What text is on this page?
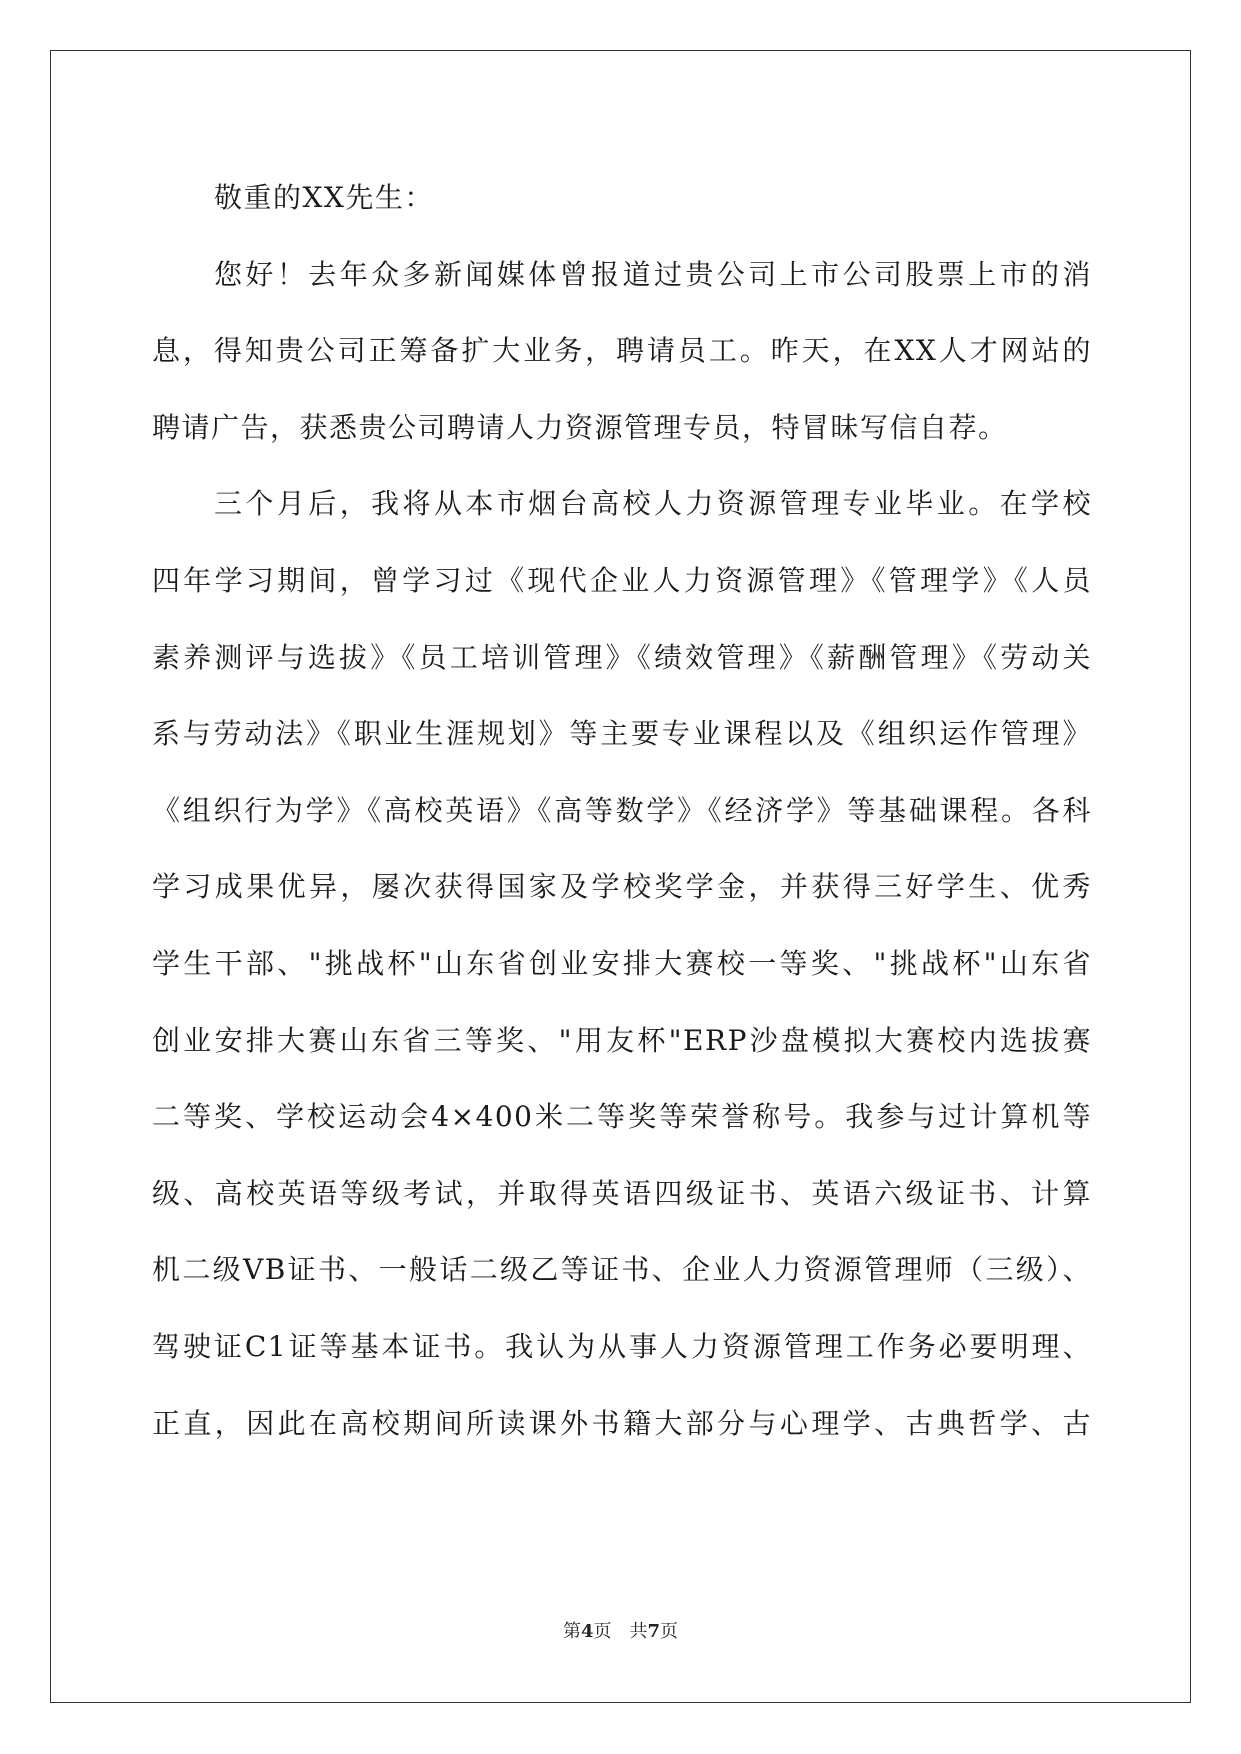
敬重的XX先生：
您好！去年众多新闻媒体曾报道过贵公司上市公司股票上市的消
息，得知贵公司正筹备扩大业务，聘请员工。昨天，在XX人才网站的
聘请广告，获悉贵公司聘请人力资源管理专员，特冒昧写信自荐。
三个月后，我将从本市烟台高校人力资源管理专业毕业。在学校
四年学习期间，曾学习过《现代企业人力资源管理》《管理学》《人员
素养测评与选拔》《员工培训管理》《绩效管理》《薪酬管理》《劳动关
系与劳动法》《职业生涯规划》等主要专业课程以及《组织运作管理》
《组织行为学》《高校英语》《高等数学》《经济学》等基础课程。各科
学习成果优异，屡次获得国家及学校奖学金，并获得三好学生、优秀
学生干部、"挑战杯"山东省创业安排大赛校一等奖、"挑战杯"山东省
创业安排大赛山东省三等奖、"用友杯"ERP沙盘模拟大赛校内选拔赛
二等奖、学校运动会4×400米二等奖等荣誉称号。我参与过计算机等
级、高校英语等级考试，并取得英语四级证书、英语六级证书、计算
机二级VB证书、一般话二级乙等证书、企业人力资源管理师（三级）、
驾驶证C1证等基本证书。我认为从事人力资源管理工作务必要明理、
正直，因此在高校期间所读课外书籍大部分与心理学、古典哲学、古
第4页 共7页
